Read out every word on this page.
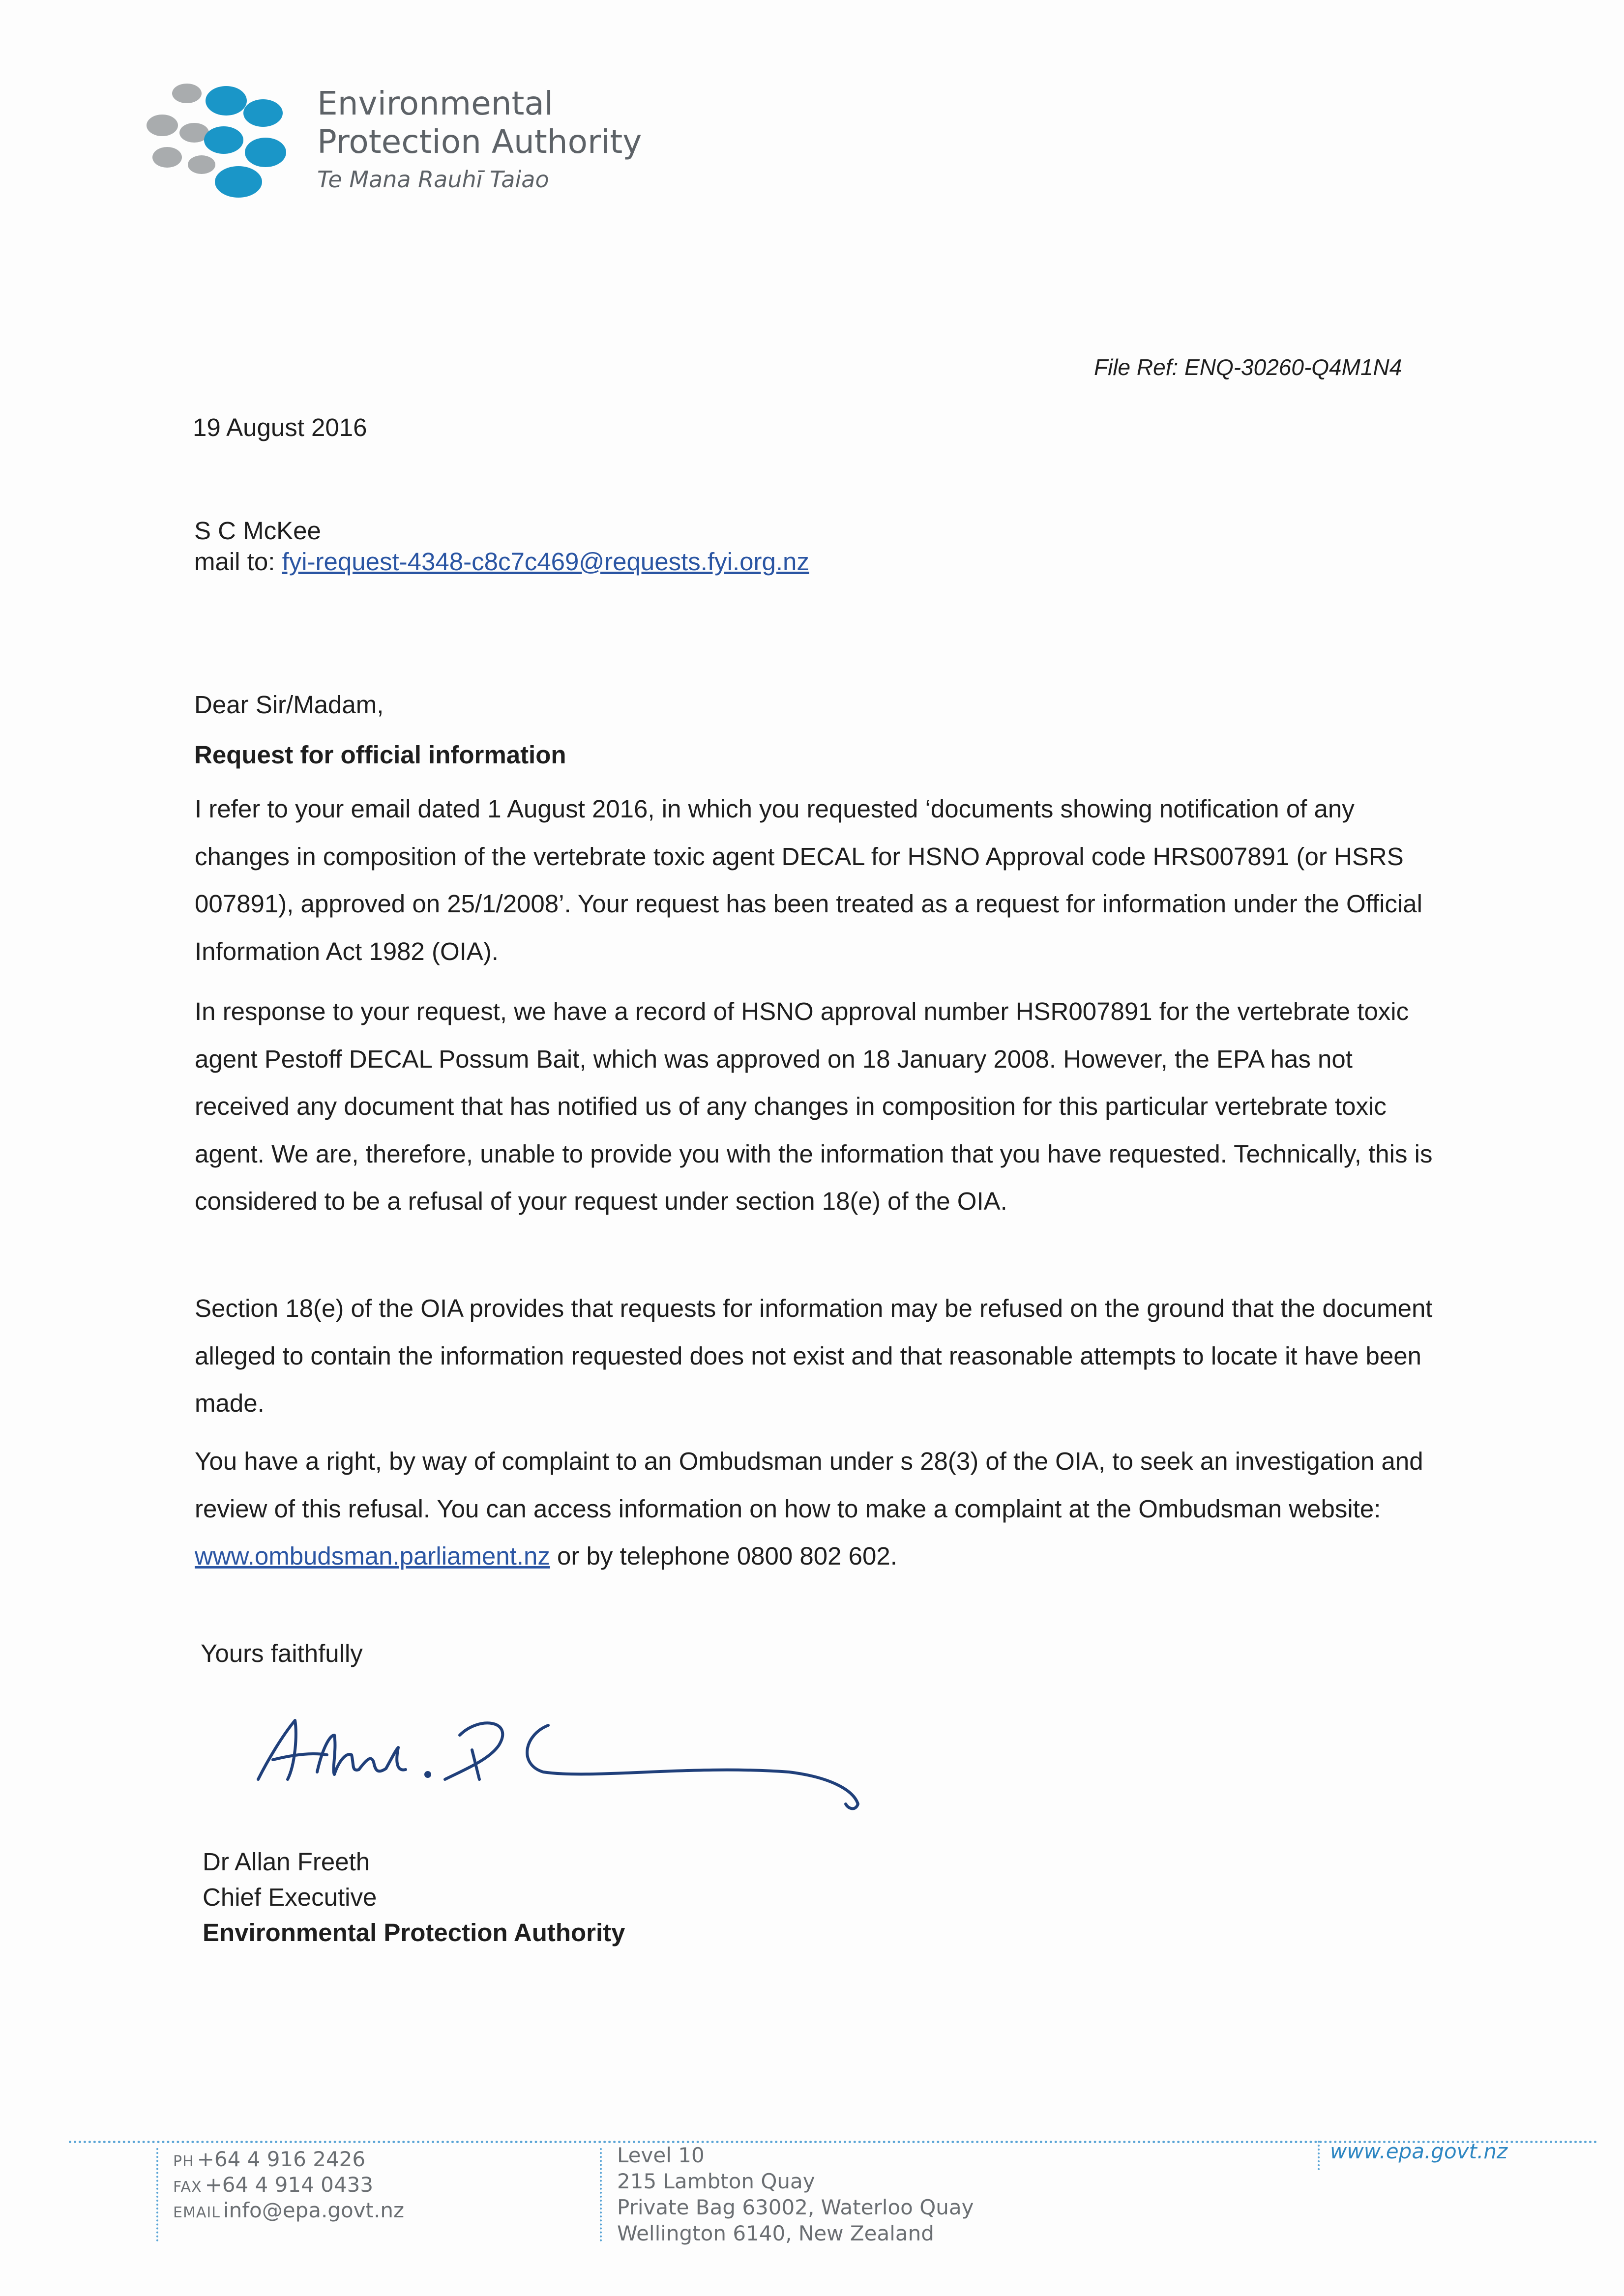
Environmental
Protection Authority
Te Mana Rauhī Taiao
File Ref: ENQ-30260-Q4M1N4
19 August 2016
S C McKee
mail to: fyi-request-4348-c8c7c469@requests.fyi.org.nz
Dear Sir/Madam,
Request for official information

I refer to your email dated 1 August 2016, in which you requested ‘documents showing notification of any changes in composition of the vertebrate toxic agent DECAL for HSNO Approval code HRS007891 (or HSRS 007891), approved on 25/1/2008’. Your request has been treated as a request for information under the Official Information Act 1982 (OIA).

In response to your request, we have a record of HSNO approval number HSR007891 for the vertebrate toxic agent Pestoff DECAL Possum Bait, which was approved on 18 January 2008. However, the EPA has not received any document that has notified us of any changes in composition for this particular vertebrate toxic agent. We are, therefore, unable to provide you with the information that you have requested. Technically, this is considered to be a refusal of your request under section 18(e) of the OIA.

Section 18(e) of the OIA provides that requests for information may be refused on the ground that the document alleged to contain the information requested does not exist and that reasonable attempts to locate it have been made.

You have a right, by way of complaint to an Ombudsman under s 28(3) of the OIA, to seek an investigation and review of this refusal. You can access information on how to make a complaint at the Ombudsman website: www.ombudsman.parliament.nz or by telephone 0800 802 602.

Yours faithfully
Dr Allan Freeth
Chief Executive
Environmental Protection Authority
PH +64 4 916 2426
FAX +64 4 914 0433
EMAIL info@epa.govt.nz
Level 10
215 Lambton Quay
Private Bag 63002, Waterloo Quay
Wellington 6140, New Zealand
www.epa.govt.nz
